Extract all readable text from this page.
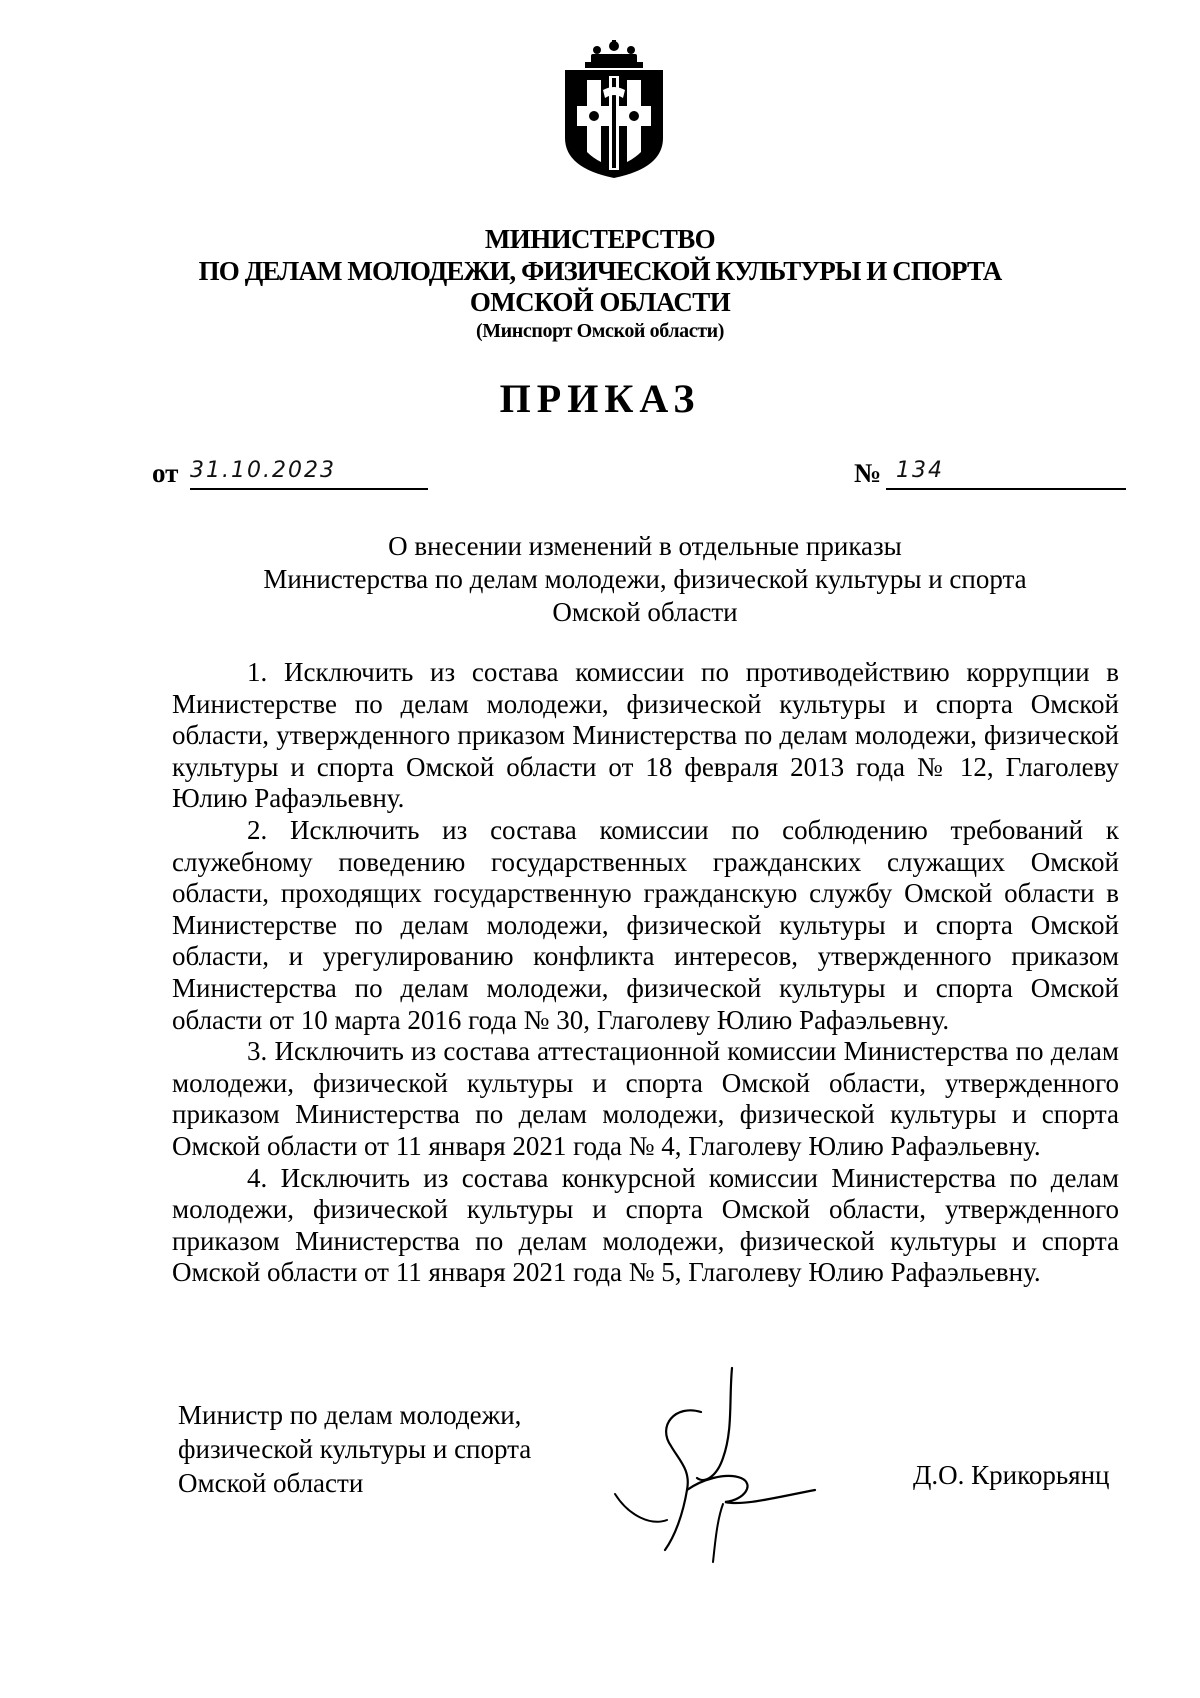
МИНИСТЕРСТВО
ПО ДЕЛАМ МОЛОДЕЖИ, ФИЗИЧЕСКОЙ КУЛЬТУРЫ И СПОРТА
ОМСКОЙ ОБЛАСТИ
(Минспорт Омской области)
ПРИКАЗ
от 31.10.2023	№ 134
О внесении изменений в отдельные приказы
Министерства по делам молодежи, физической культуры и спорта
Омской области

1. Исключить из состава комиссии по противодействию коррупции в Министерстве по делам молодежи, физической культуры и спорта Омской области, утвержденного приказом Министерства по делам молодежи, физической культуры и спорта Омской области от 18 февраля 2013 года № 12, Глаголеву Юлию Рафаэльевну.

2. Исключить из состава комиссии по соблюдению требований к служебному поведению государственных гражданских служащих Омской области, проходящих государственную гражданскую службу Омской области в Министерстве по делам молодежи, физической культуры и спорта Омской области, и урегулированию конфликта интересов, утвержденного приказом Министерства по делам молодежи, физической культуры и спорта Омской области от 10 марта 2016 года № 30, Глаголеву Юлию Рафаэльевну.

3. Исключить из состава аттестационной комиссии Министерства по делам молодежи, физической культуры и спорта Омской области, утвержденного приказом Министерства по делам молодежи, физической культуры и спорта Омской области от 11 января 2021 года № 4, Глаголеву Юлию Рафаэльевну.

4. Исключить из состава конкурсной комиссии Министерства по делам молодежи, физической культуры и спорта Омской области, утвержденного приказом Министерства по делам молодежи, физической культуры и спорта Омской области от 11 января 2021 года № 5, Глаголеву Юлию Рафаэльевну.

Министр по делам молодежи,
физической культуры и спорта
Омской области	Д.О. Крикорьянц
